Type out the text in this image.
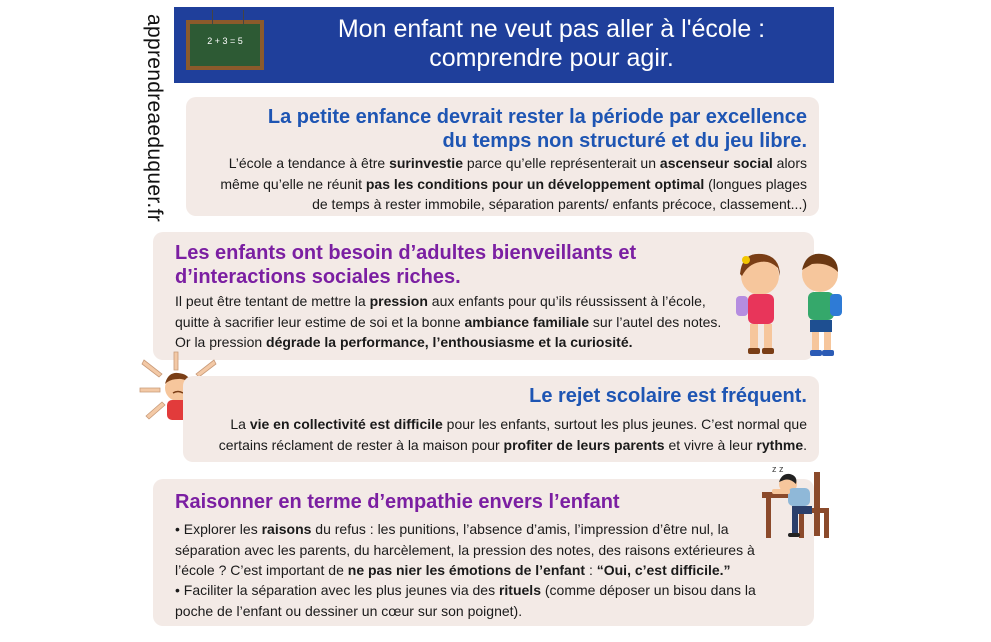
apprendreaeduquer.fr	2 + 3 = 5	Mon enfant ne veut pas aller à l'école :
comprendre pour agir.
La petite enfance devrait rester la période par excellence
du temps non structuré et du jeu libre.
L’école a tendance à être surinvestie parce qu’elle représenterait un ascenseur social alors même qu’elle ne réunit pas les conditions pour un développement optimal (longues plages de temps à rester immobile, séparation parents/ enfants précoce, classement...)
Les enfants ont besoin d’adultes bienveillants et
d’interactions sociales riches.
Il peut être tentant de mettre la pression aux enfants pour qu’ils réussissent à l’école, quitte à sacrifier leur estime de soi et la bonne ambiance familiale sur l’autel des notes. Or la pression dégrade la performance, l’enthousiasme et la curiosité.
Le rejet scolaire est fréquent.
La vie en collectivité est difficile pour les enfants, surtout les plus jeunes. C’est normal que certains réclament de rester à la maison pour profiter de leurs parents et vivre à leur rythme.
Raisonner en terme d’empathie envers l’enfant
• Explorer les raisons du refus : les punitions, l’absence d’amis, l’impression d’être nul, la séparation avec les parents, du harcèlement, la pression des notes, des raisons extérieures à l’école ? C’est important de ne pas nier les émotions de l’enfant : “Oui, c’est difficile.”
• Faciliter la séparation avec les plus jeunes via des rituels (comme déposer un bisou dans la poche de l’enfant ou dessiner un cœur sur son poignet).
z z
